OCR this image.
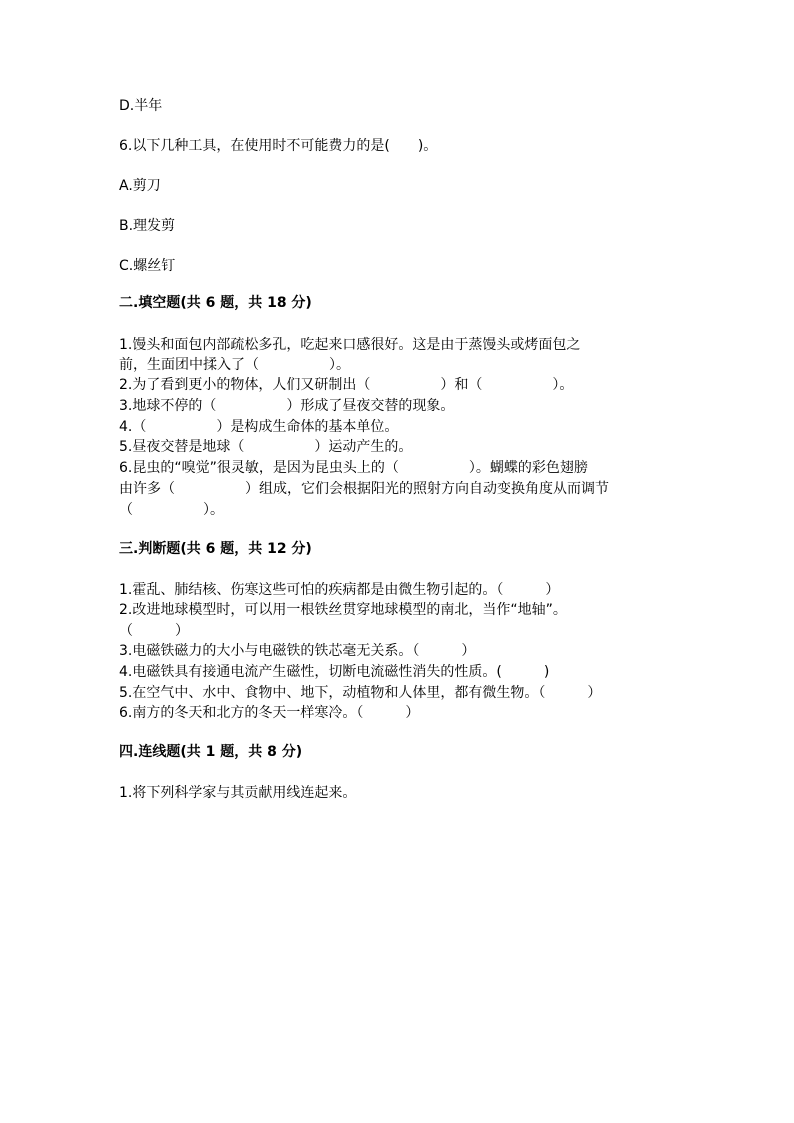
D.半年
6.以下几种工具，在使用时不可能费力的是(　　)。
A.剪刀
B.理发剪
C.螺丝钉
二.填空题(共 6 题，共 18 分)
1.馒头和面包内部疏松多孔，吃起来口感很好。这是由于蒸馒头或烤面包之
前，生面团中揉入了（　　　　　）。
2.为了看到更小的物体，人们又研制出（　　　　　）和（　　　　　）。
3.地球不停的（　　　　　）形成了昼夜交替的现象。
4.（　　　　　）是构成生命体的基本单位。
5.昼夜交替是地球（　　　　　）运动产生的。
6.昆虫的“嗅觉”很灵敏，是因为昆虫头上的（　　　　　）。蝴蝶的彩色翅膀
由许多（　　　　　）组成，它们会根据阳光的照射方向自动变换角度从而调节
（　　　　　）。
三.判断题(共 6 题，共 12 分)
1.霍乱、肺结核、伤寒这些可怕的疾病都是由微生物引起的。（　　　）
2.改进地球模型时，可以用一根铁丝贯穿地球模型的南北，当作“地轴”。
（　　　）
3.电磁铁磁力的大小与电磁铁的铁芯毫无关系。（　　　）
4.电磁铁具有接通电流产生磁性，切断电流磁性消失的性质。(　　　)
5.在空气中、水中、食物中、地下，动植物和人体里，都有微生物。（　　　）
6.南方的冬天和北方的冬天一样寒冷。（　　　）
四.连线题(共 1 题，共 8 分)
1.将下列科学家与其贡献用线连起来。
